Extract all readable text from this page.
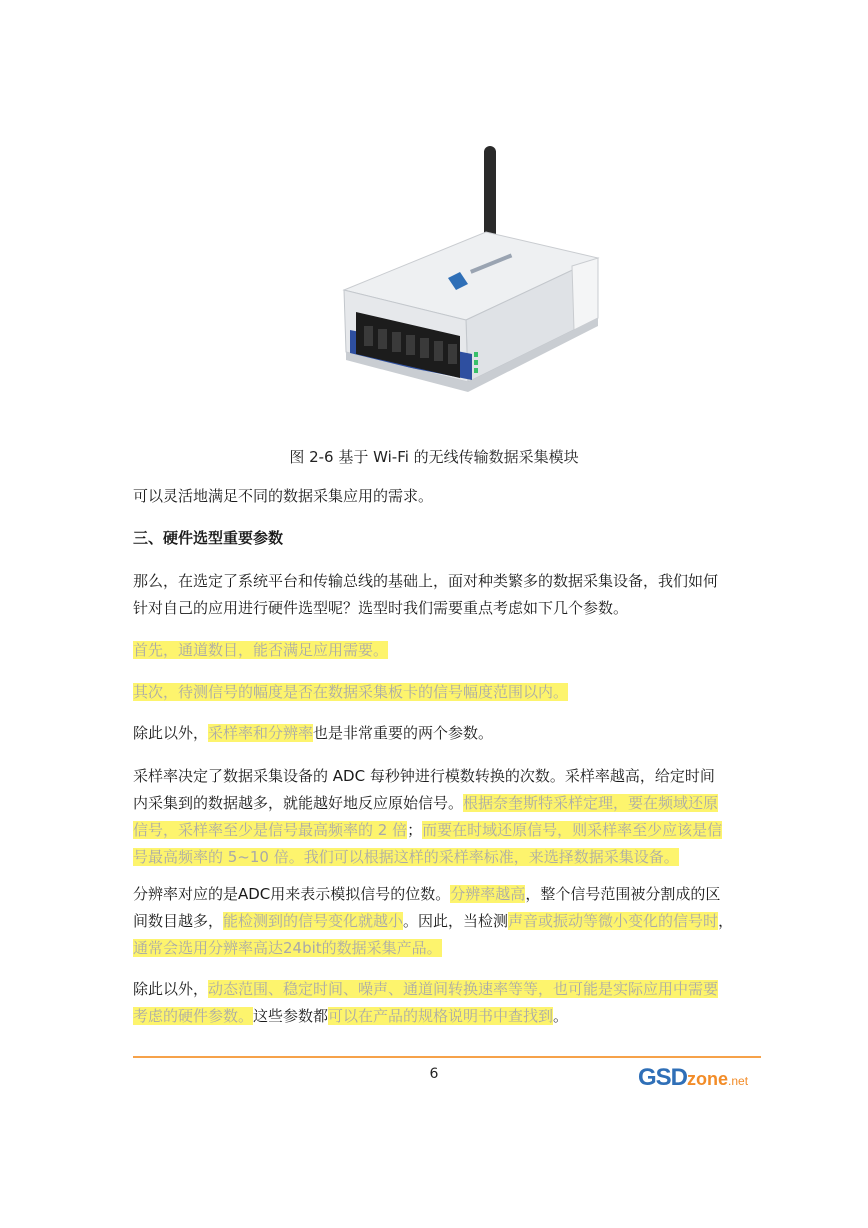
图 2-6 基于 Wi-Fi 的无线传输数据采集模块
可以灵活地满足不同的数据采集应用的需求。
三、硬件选型重要参数
那么，在选定了系统平台和传输总线的基础上，面对种类繁多的数据采集设备，我们如何
针对自己的应用进行硬件选型呢？选型时我们需要重点考虑如下几个参数。
首先，通道数目，能否满足应用需要。
其次，待测信号的幅度是否在数据采集板卡的信号幅度范围以内。
除此以外，采样率和分辨率也是非常重要的两个参数。
采样率决定了数据采集设备的 ADC 每秒钟进行模数转换的次数。采样率越高，给定时间
内采集到的数据越多，就能越好地反应原始信号。根据奈奎斯特采样定理，要在频域还原
信号，采样率至少是信号最高频率的 2 倍；而要在时域还原信号，则采样率至少应该是信
号最高频率的 5~10 倍。我们可以根据这样的采样率标准，来选择数据采集设备。
分辨率对应的是ADC用来表示模拟信号的位数。分辨率越高，整个信号范围被分割成的区
间数目越多，能检测到的信号变化就越小。因此，当检测声音或振动等微小变化的信号时，
通常会选用分辨率高达24bit的数据采集产品。
除此以外，动态范围、稳定时间、噪声、通道间转换速率等等，也可能是实际应用中需要
考虑的硬件参数。这些参数都可以在产品的规格说明书中查找到。
6	GSDzone.net
